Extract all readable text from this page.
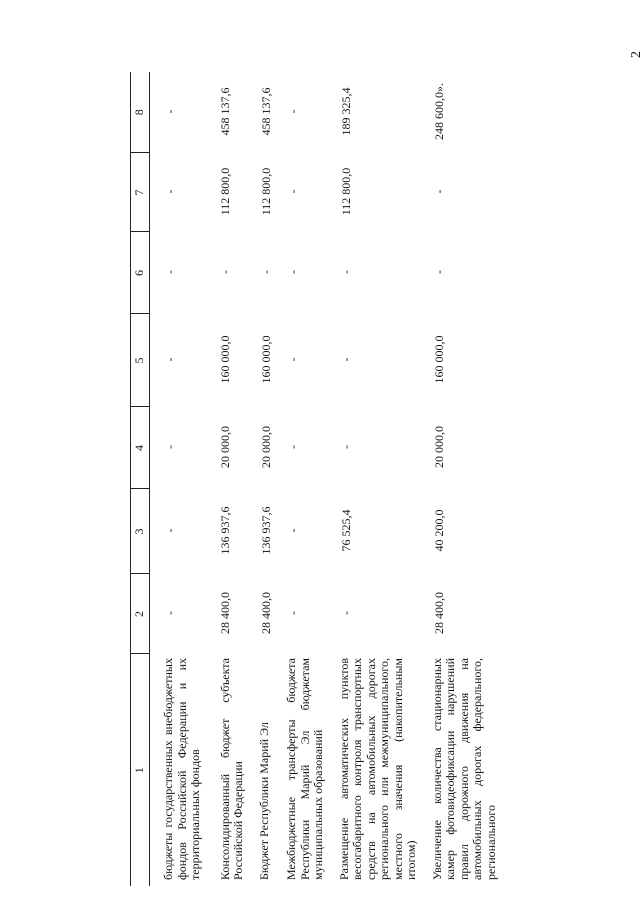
2
1	2	3	4	5	6	7	8
бюджеты государственных внебюджетных фондов Российской Федерации и их территориальных фондов	-	-	-	-	-	-	-
Консолидированный бюджет субъекта Российской Федерации	28 400,0	136 937,6	20 000,0	160 000,0	-	112 800,0	458 137,6
Бюджет Республики Марий Эл	28 400,0	136 937,6	20 000,0	160 000,0	-	112 800,0	458 137,6
Межбюджетные трансферты бюджета Республики Марий Эл бюджетам муниципальных образований	-	-	-	-	-	-	-
Размещение автоматических пунктов весогабаритного контроля транспортных средств на автомобильных дорогах регионального или межмуниципального, местного значения (накопительным итогом)	-	76 525,4	-	-	-	112 800,0	189 325,4
Увеличение количества стационарных камер фотовидеофиксации нарушений правил дорожного движения на автомобильных дорогах федерального, регионального	28 400,0	40 200,0	20 000,0	160 000,0	-	-	248 600,0».
